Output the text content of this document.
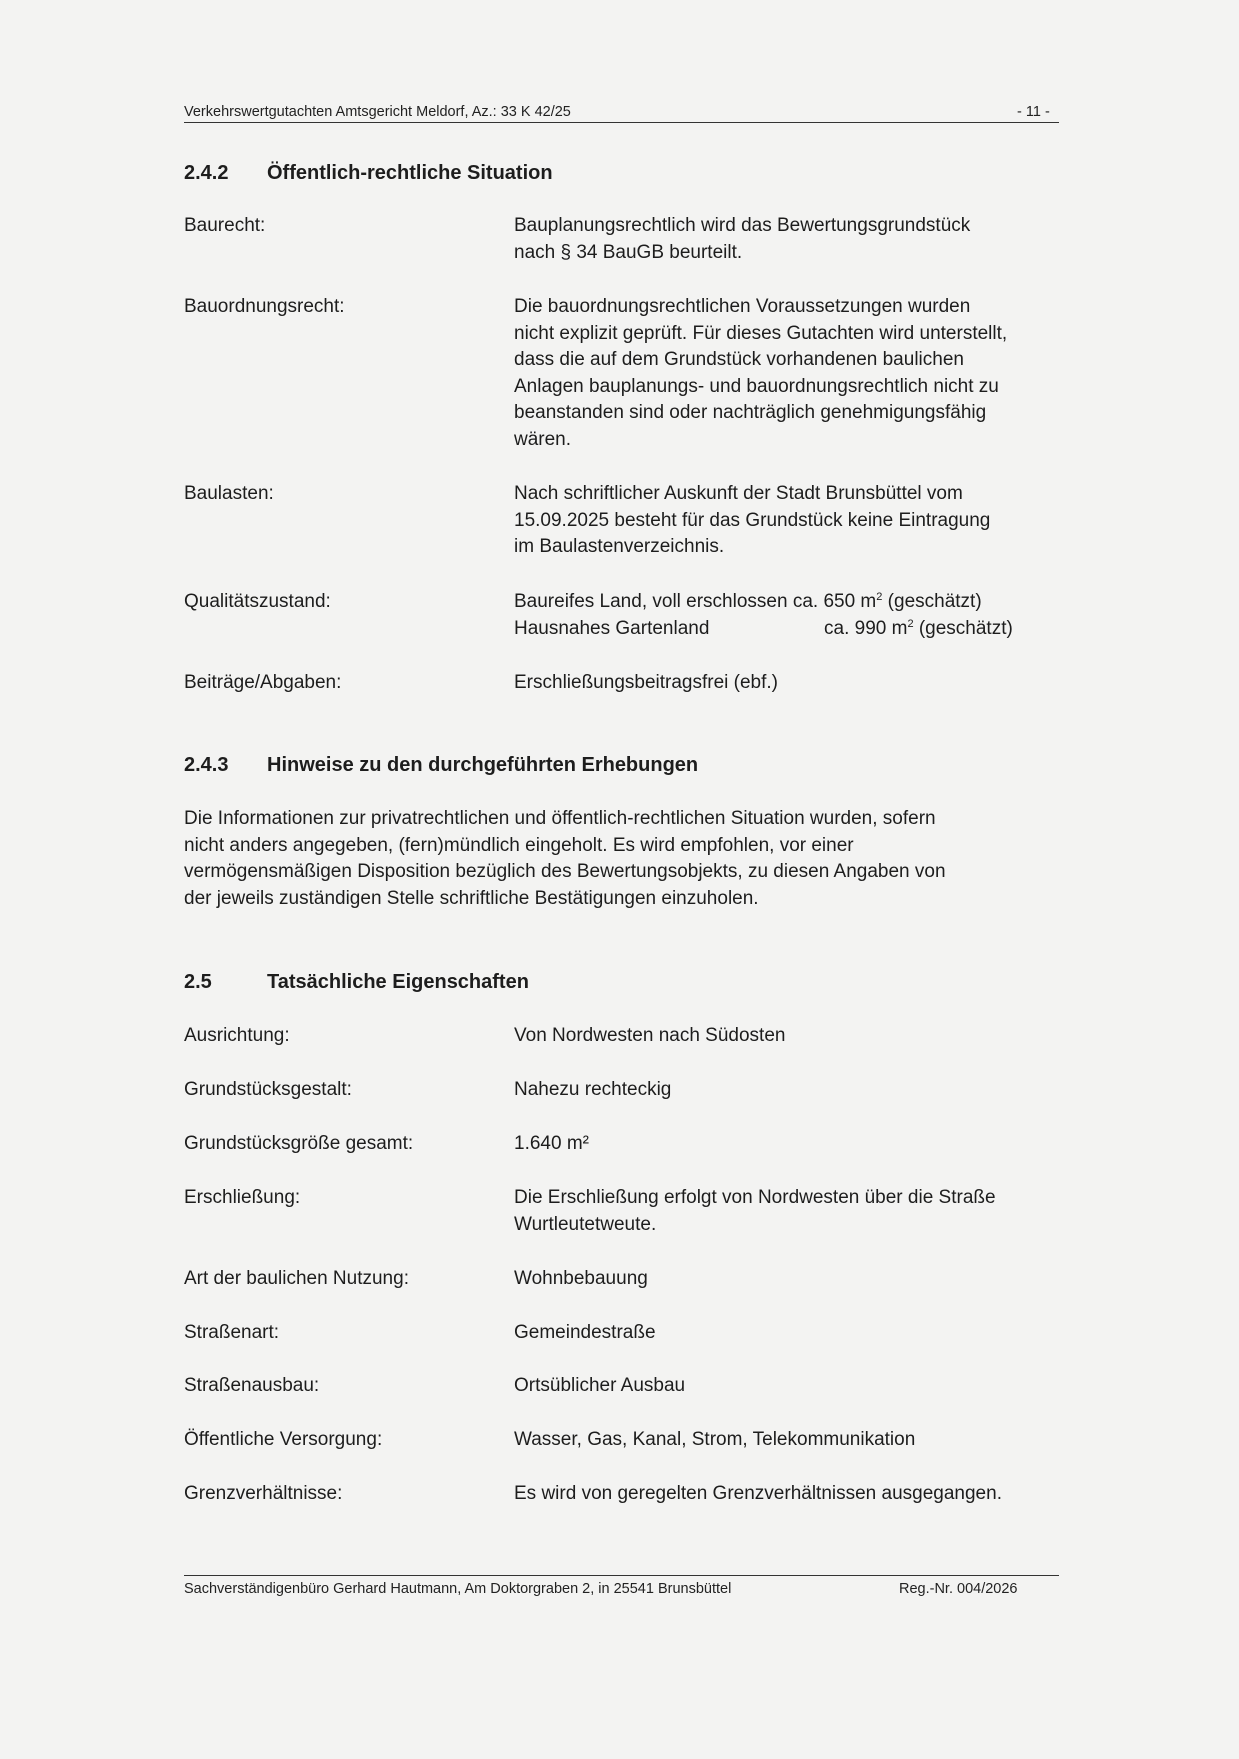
Verkehrswertgutachten Amtsgericht Meldorf, Az.: 33 K 42/25	- 11 -
2.4.2 Öffentlich-rechtliche Situation
Baurecht:	Bauplanungsrechtlich wird das Bewertungsgrundstück
nach § 34 BauGB beurteilt.
Bauordnungsrecht:	Die bauordnungsrechtlichen Voraussetzungen wurden
nicht explizit geprüft. Für dieses Gutachten wird unterstellt,
dass die auf dem Grundstück vorhandenen baulichen
Anlagen bauplanungs- und bauordnungsrechtlich nicht zu
beanstanden sind oder nachträglich genehmigungsfähig
wären.
Baulasten:	Nach schriftlicher Auskunft der Stadt Brunsbüttel vom
15.09.2025 besteht für das Grundstück keine Eintragung
im Baulastenverzeichnis.
Qualitätszustand:	Baureifes Land, voll erschlossen ca. 650 $m^2$ (geschätzt)
Hausnahes Gartenland	ca. 990 $m^2$ (geschätzt)
Beiträge/Abgaben:	Erschließungsbeitragsfrei (ebf.)
2.4.3 Hinweise zu den durchgeführten Erhebungen
Die Informationen zur privatrechtlichen und öffentlich-rechtlichen Situation wurden, sofern
nicht anders angegeben, (fern)mündlich eingeholt. Es wird empfohlen, vor einer
vermögensmäßigen Disposition bezüglich des Bewertungsobjekts, zu diesen Angaben von
der jeweils zuständigen Stelle schriftliche Bestätigungen einzuholen.
2.5	Tatsächliche Eigenschaften
Ausrichtung:	Von Nordwesten nach Südosten
Grundstücksgestalt:	Nahezu rechteckig
Grundstücksgröße gesamt:	1.640 m²
Erschließung:	Die Erschließung erfolgt von Nordwesten über die Straße
Wurtleutetweute.
Art der baulichen Nutzung:	Wohnbebauung
Straßenart:	Gemeindestraße
Straßenausbau:	Ortsüblicher Ausbau
Öffentliche Versorgung:	Wasser, Gas, Kanal, Strom, Telekommunikation
Grenzverhältnisse:	Es wird von geregelten Grenzverhältnissen ausgegangen.
Sachverständigenbüro Gerhard Hautmann, Am Doktorgraben 2, in 25541 Brunsbüttel	Reg.-Nr. 004/2026
